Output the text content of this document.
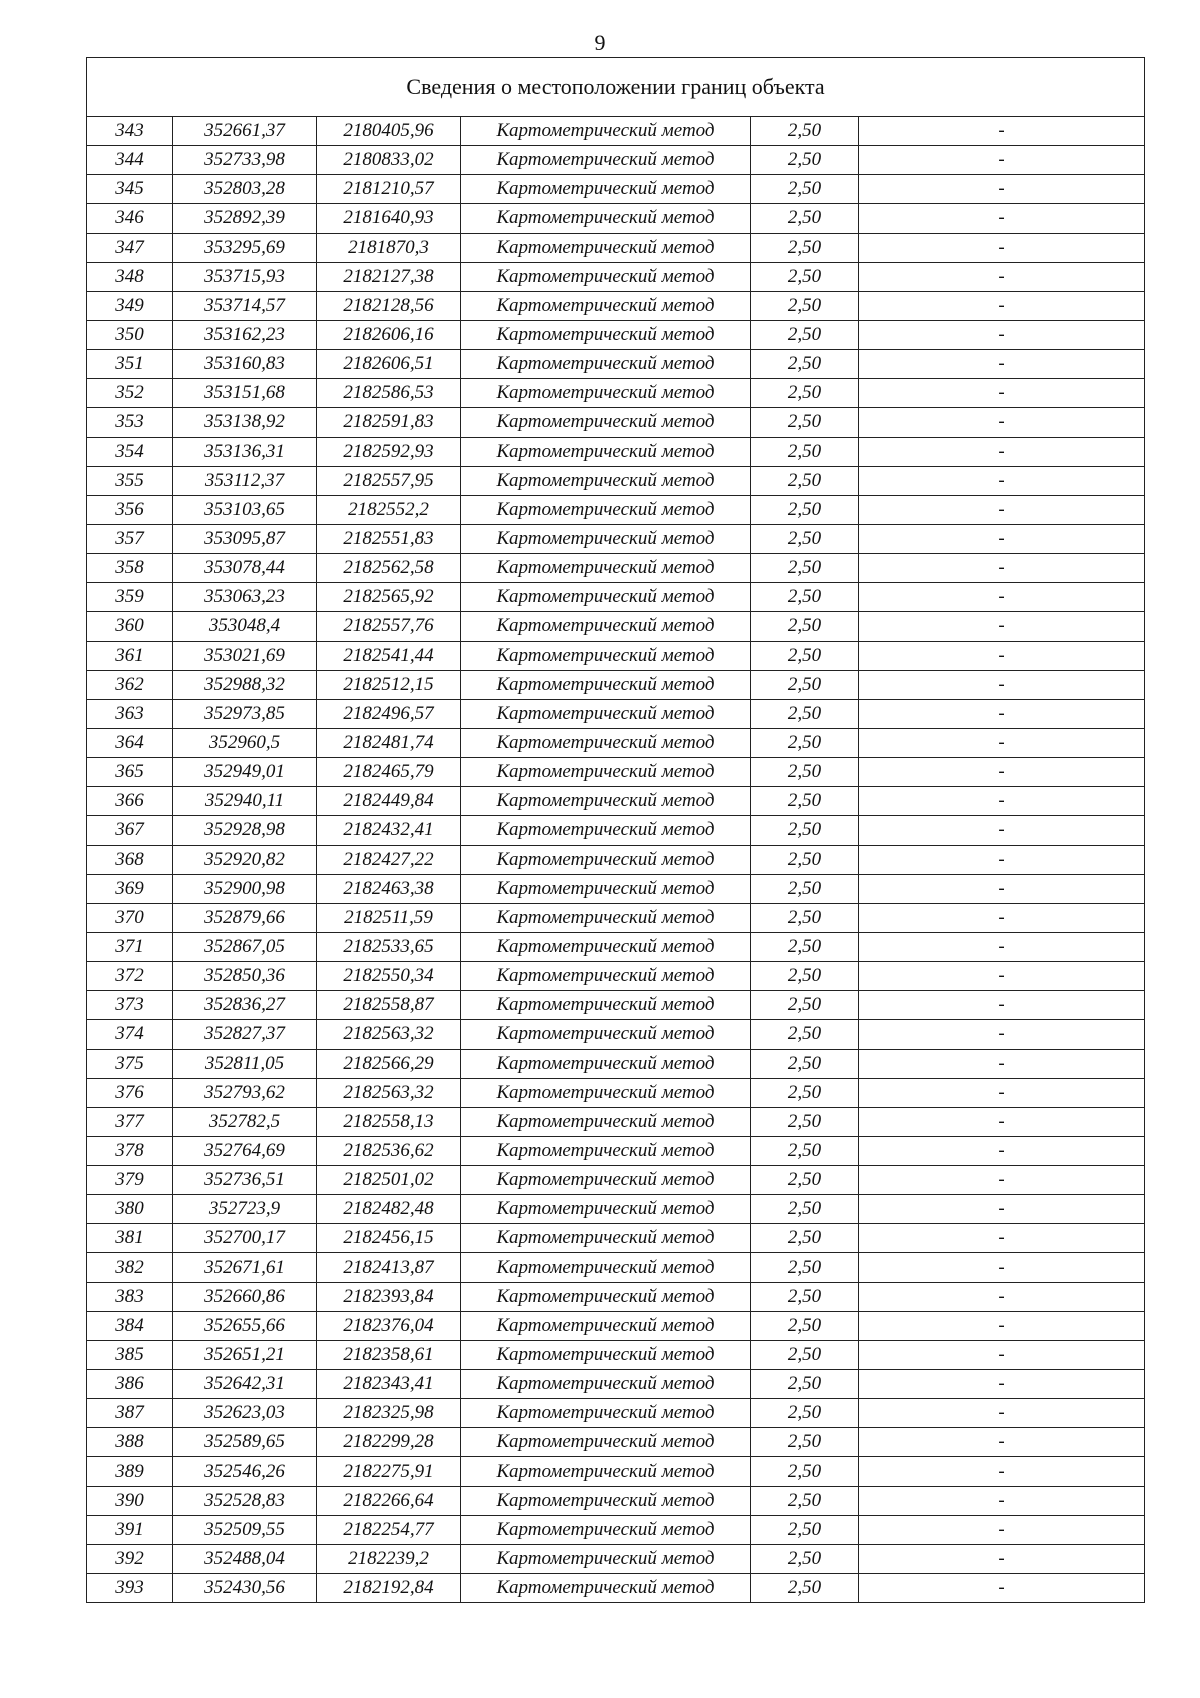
9
Сведения о местоположении границ объекта					
343	352661,37	2180405,96	Картометрический метод	2,50	-
344	352733,98	2180833,02	Картометрический метод	2,50	-
345	352803,28	2181210,57	Картометрический метод	2,50	-
346	352892,39	2181640,93	Картометрический метод	2,50	-
347	353295,69	2181870,3	Картометрический метод	2,50	-
348	353715,93	2182127,38	Картометрический метод	2,50	-
349	353714,57	2182128,56	Картометрический метод	2,50	-
350	353162,23	2182606,16	Картометрический метод	2,50	-
351	353160,83	2182606,51	Картометрический метод	2,50	-
352	353151,68	2182586,53	Картометрический метод	2,50	-
353	353138,92	2182591,83	Картометрический метод	2,50	-
354	353136,31	2182592,93	Картометрический метод	2,50	-
355	353112,37	2182557,95	Картометрический метод	2,50	-
356	353103,65	2182552,2	Картометрический метод	2,50	-
357	353095,87	2182551,83	Картометрический метод	2,50	-
358	353078,44	2182562,58	Картометрический метод	2,50	-
359	353063,23	2182565,92	Картометрический метод	2,50	-
360	353048,4	2182557,76	Картометрический метод	2,50	-
361	353021,69	2182541,44	Картометрический метод	2,50	-
362	352988,32	2182512,15	Картометрический метод	2,50	-
363	352973,85	2182496,57	Картометрический метод	2,50	-
364	352960,5	2182481,74	Картометрический метод	2,50	-
365	352949,01	2182465,79	Картометрический метод	2,50	-
366	352940,11	2182449,84	Картометрический метод	2,50	-
367	352928,98	2182432,41	Картометрический метод	2,50	-
368	352920,82	2182427,22	Картометрический метод	2,50	-
369	352900,98	2182463,38	Картометрический метод	2,50	-
370	352879,66	2182511,59	Картометрический метод	2,50	-
371	352867,05	2182533,65	Картометрический метод	2,50	-
372	352850,36	2182550,34	Картометрический метод	2,50	-
373	352836,27	2182558,87	Картометрический метод	2,50	-
374	352827,37	2182563,32	Картометрический метод	2,50	-
375	352811,05	2182566,29	Картометрический метод	2,50	-
376	352793,62	2182563,32	Картометрический метод	2,50	-
377	352782,5	2182558,13	Картометрический метод	2,50	-
378	352764,69	2182536,62	Картометрический метод	2,50	-
379	352736,51	2182501,02	Картометрический метод	2,50	-
380	352723,9	2182482,48	Картометрический метод	2,50	-
381	352700,17	2182456,15	Картометрический метод	2,50	-
382	352671,61	2182413,87	Картометрический метод	2,50	-
383	352660,86	2182393,84	Картометрический метод	2,50	-
384	352655,66	2182376,04	Картометрический метод	2,50	-
385	352651,21	2182358,61	Картометрический метод	2,50	-
386	352642,31	2182343,41	Картометрический метод	2,50	-
387	352623,03	2182325,98	Картометрический метод	2,50	-
388	352589,65	2182299,28	Картометрический метод	2,50	-
389	352546,26	2182275,91	Картометрический метод	2,50	-
390	352528,83	2182266,64	Картометрический метод	2,50	-
391	352509,55	2182254,77	Картометрический метод	2,50	-
392	352488,04	2182239,2	Картометрический метод	2,50	-
393	352430,56	2182192,84	Картометрический метод	2,50	-
